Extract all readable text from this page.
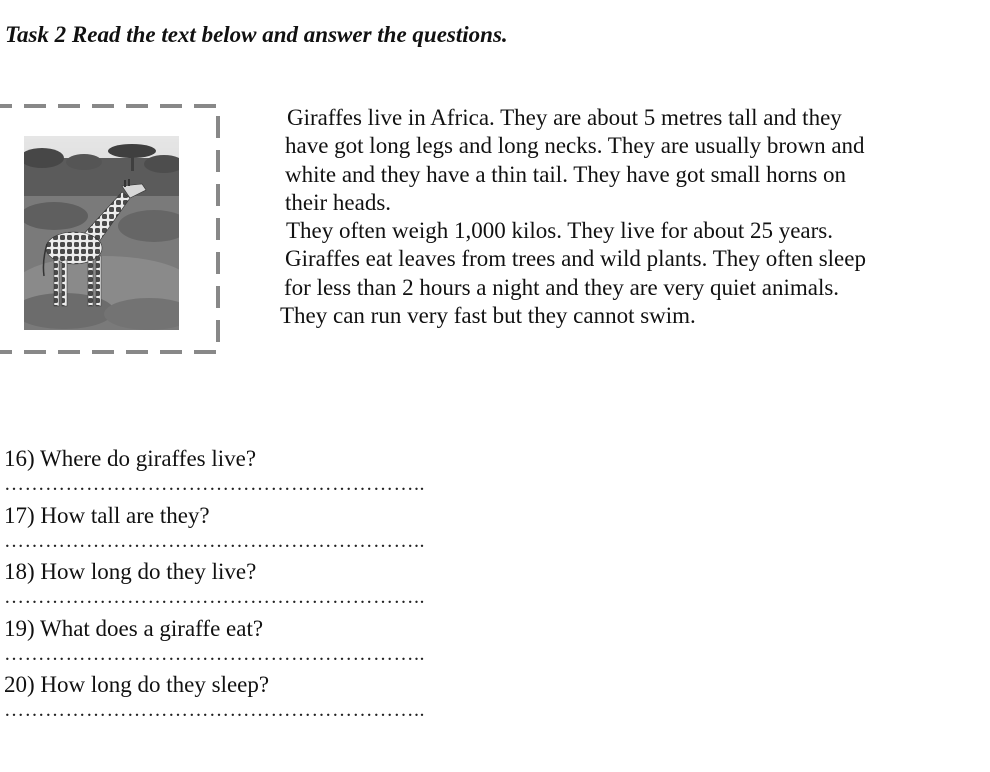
Task 2 Read the text below and answer the questions.
Giraffes live in Africa. They are about 5 metres tall and they
have got long legs and long necks. They are usually brown and
white and they have a thin tail. They have got small horns on
their heads.
They often weigh 1,000 kilos. They live for about 25 years.
Giraffes eat leaves from trees and wild plants. They often sleep
for less than 2 hours a night and they are very quiet animals.
They can run very fast but they cannot swim.
16) Where do giraffes live?
……………………………………………………..
17) How tall are they?
……………………………………………………..
18) How long do they live?
……………………………………………………..
19) What does a giraffe eat?
……………………………………………………..
20) How long do they sleep?
……………………………………………………..
